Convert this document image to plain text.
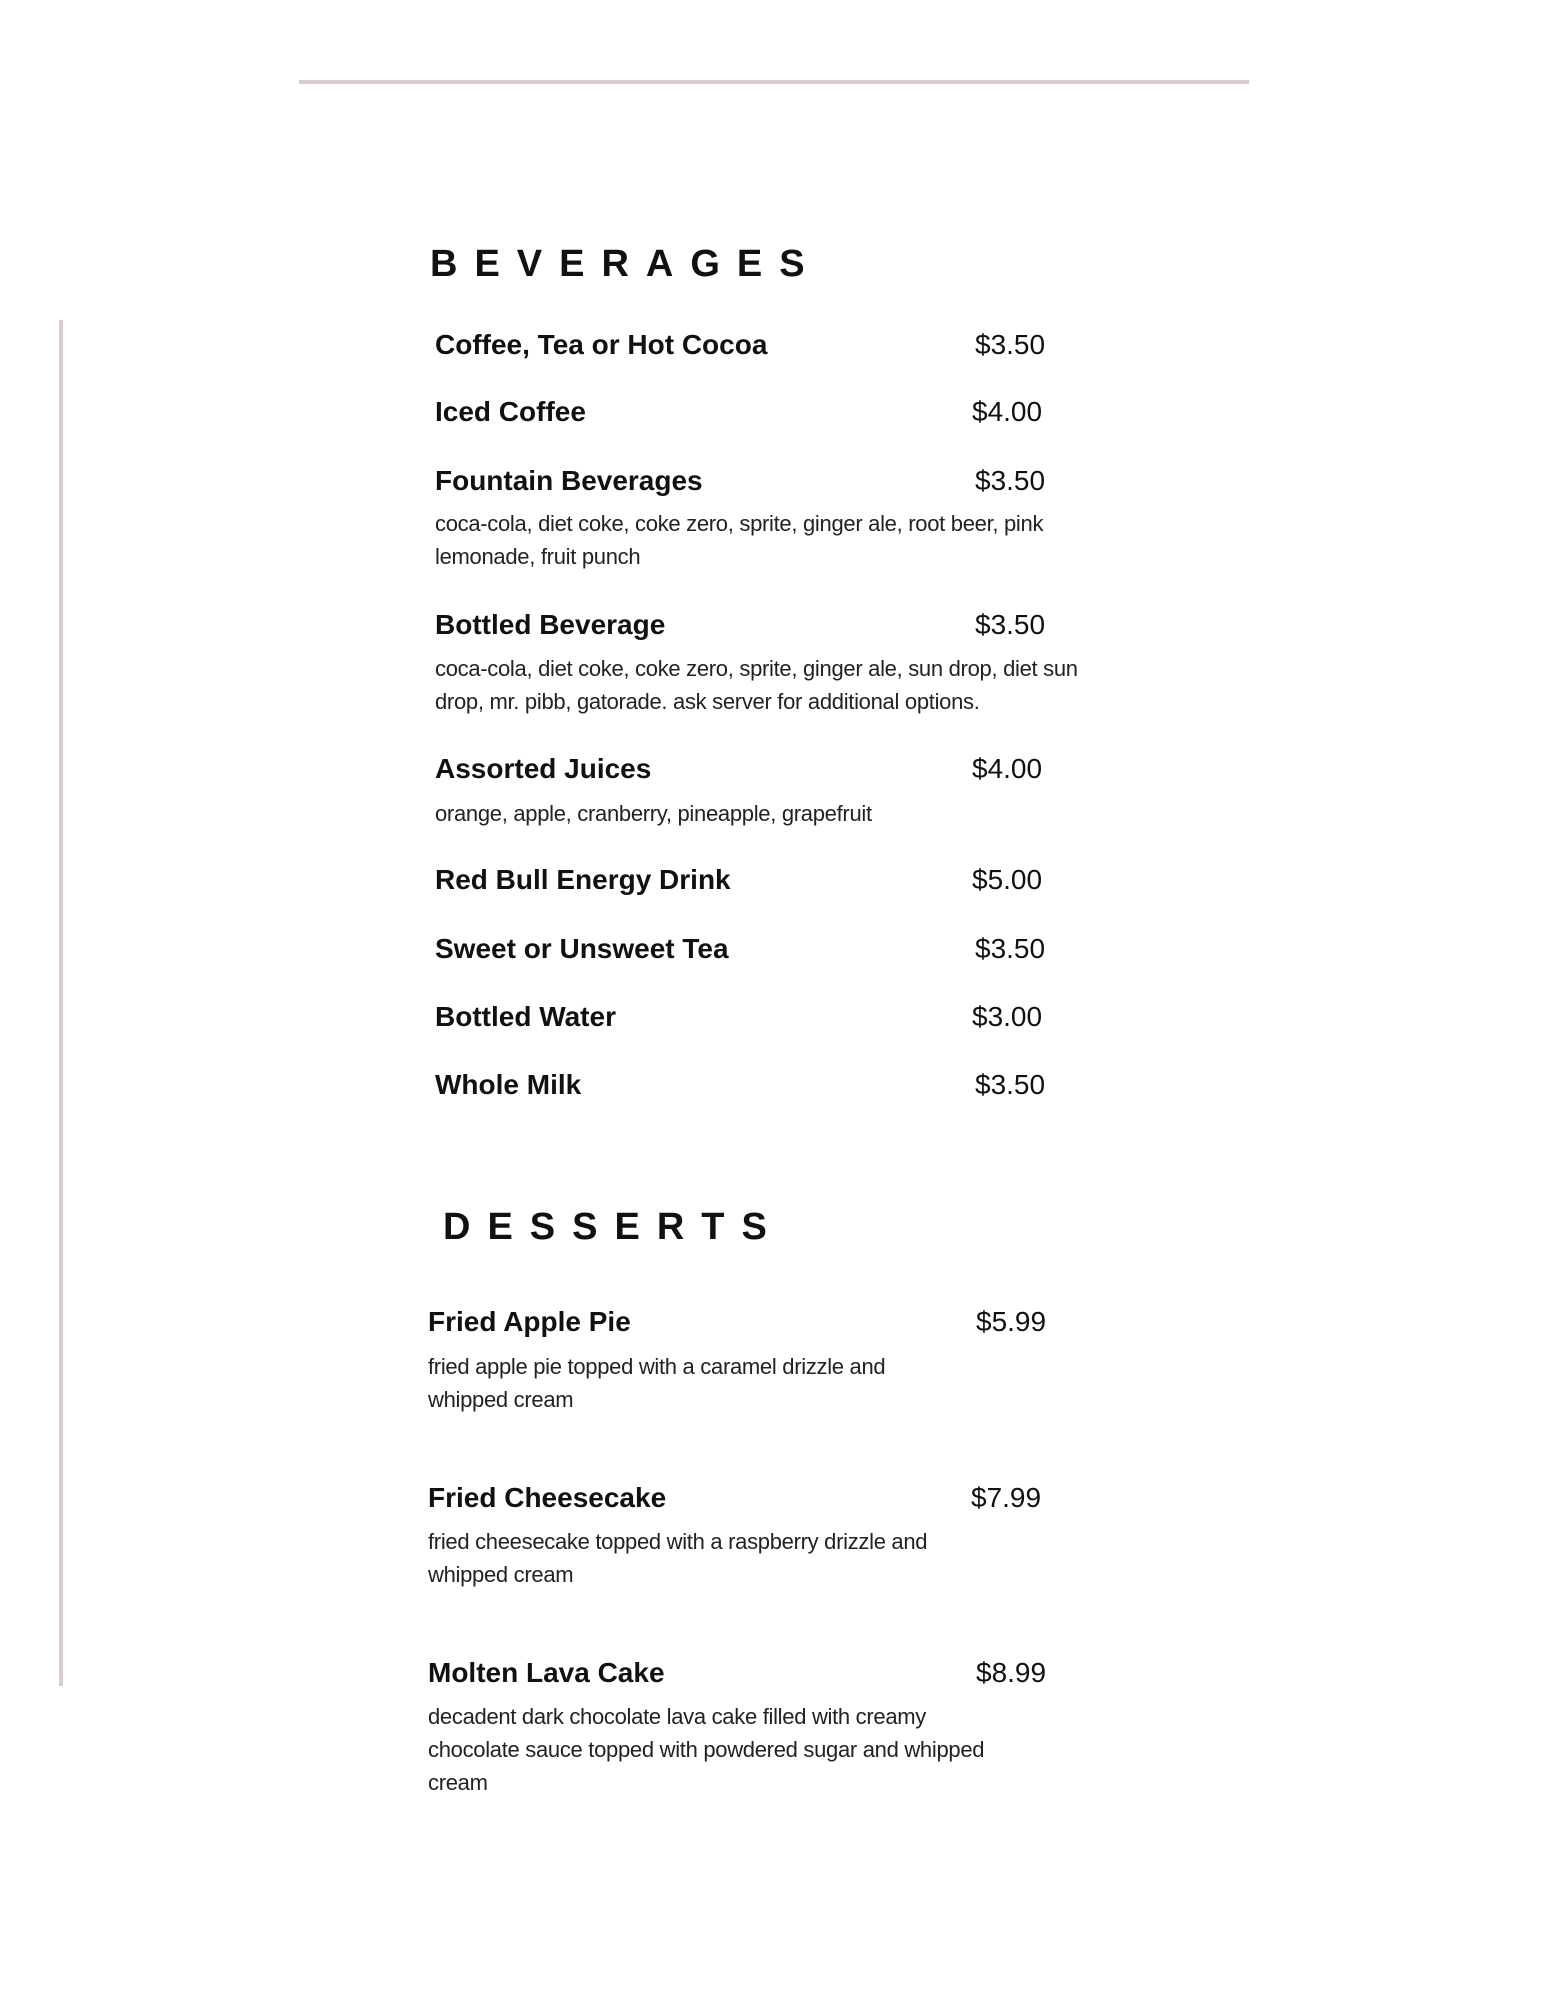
BEVERAGES
Coffee, Tea or Hot Cocoa	$3.50
Iced Coffee	$4.00
Fountain Beverages	$3.50
coca-cola, diet coke, coke zero, sprite, ginger ale, root beer, pink lemonade, fruit punch
Bottled Beverage	$3.50
coca-cola, diet coke, coke zero, sprite, ginger ale, sun drop, diet sun drop, mr. pibb, gatorade. ask server for additional options.
Assorted Juices	$4.00
orange, apple, cranberry, pineapple, grapefruit
Red Bull Energy Drink	$5.00
Sweet or Unsweet Tea	$3.50
Bottled Water	$3.00
Whole Milk	$3.50
DESSERTS
Fried Apple Pie	$5.99
fried apple pie topped with a caramel drizzle and whipped cream
Fried Cheesecake	$7.99
fried cheesecake topped with a raspberry drizzle and whipped cream
Molten Lava Cake	$8.99
decadent dark chocolate lava cake filled with creamy chocolate sauce topped with powdered sugar and whipped cream
